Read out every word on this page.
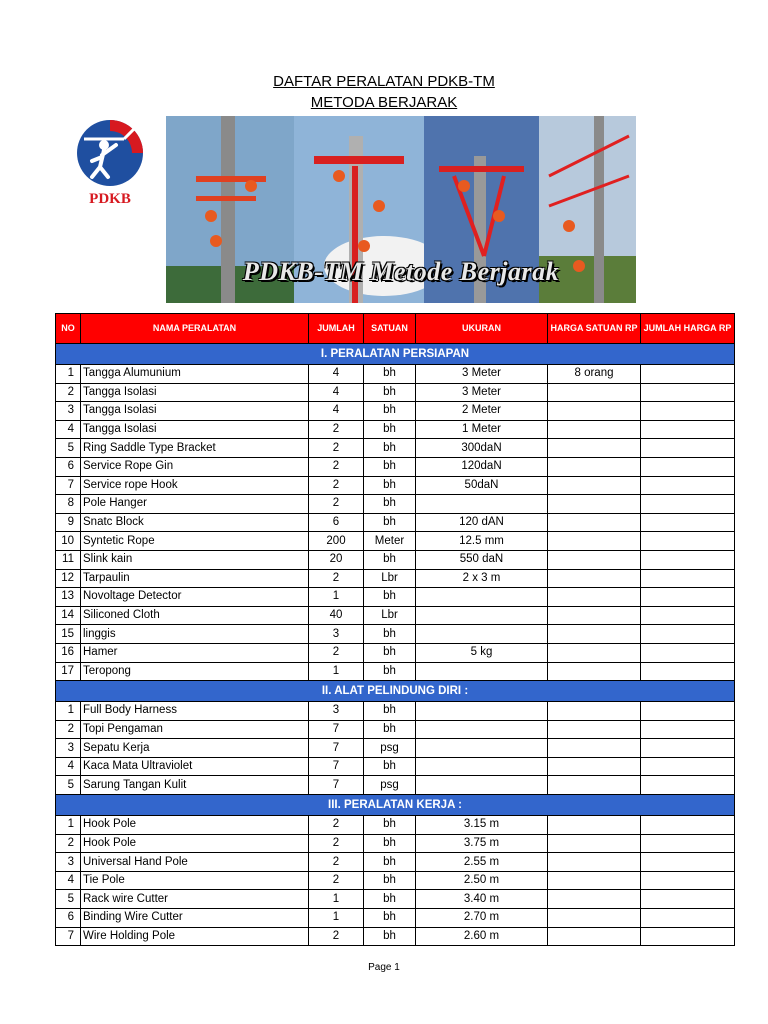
DAFTAR PERALATAN PDKB-TM
METODA BERJARAK
PDKB
PDKB-TM Metode Berjarak
NO	NAMA PERALATAN	JUMLAH	SATUAN	UKURAN	HARGA SATUAN RP	JUMLAH HARGA RP
I. PERALATAN PERSIAPAN						
1	Tangga Alumunium	4	bh	3 Meter	8 orang	
2	Tangga Isolasi	4	bh	3 Meter		
3	Tangga Isolasi	4	bh	2 Meter		
4	Tangga Isolasi	2	bh	1 Meter		
5	Ring Saddle Type Bracket	2	bh	300daN		
6	Service Rope Gin	2	bh	120daN		
7	Service rope Hook	2	bh	50daN		
8	Pole Hanger	2	bh			
9	Snatc Block	6	bh	120 dAN		
10	Syntetic Rope	200	Meter	12.5 mm		
11	Slink kain	20	bh	550 daN		
12	Tarpaulin	2	Lbr	2 x 3 m		
13	Novoltage Detector	1	bh			
14	Siliconed Cloth	40	Lbr			
15	linggis	3	bh			
16	Hamer	2	bh	5 kg		
17	Teropong	1	bh			
II. ALAT PELINDUNG DIRI :						
1	Full Body Harness	3	bh			
2	Topi Pengaman	7	bh			
3	Sepatu Kerja	7	psg			
4	Kaca Mata Ultraviolet	7	bh			
5	Sarung Tangan Kulit	7	psg			
III. PERALATAN KERJA :						
1	Hook Pole	2	bh	3.15 m		
2	Hook Pole	2	bh	3.75 m		
3	Universal Hand Pole	2	bh	2.55 m		
4	Tie Pole	2	bh	2.50 m		
5	Rack wire Cutter	1	bh	3.40 m		
6	Binding Wire Cutter	1	bh	2.70 m		
7	Wire Holding Pole	2	bh	2.60 m		
Page 1
